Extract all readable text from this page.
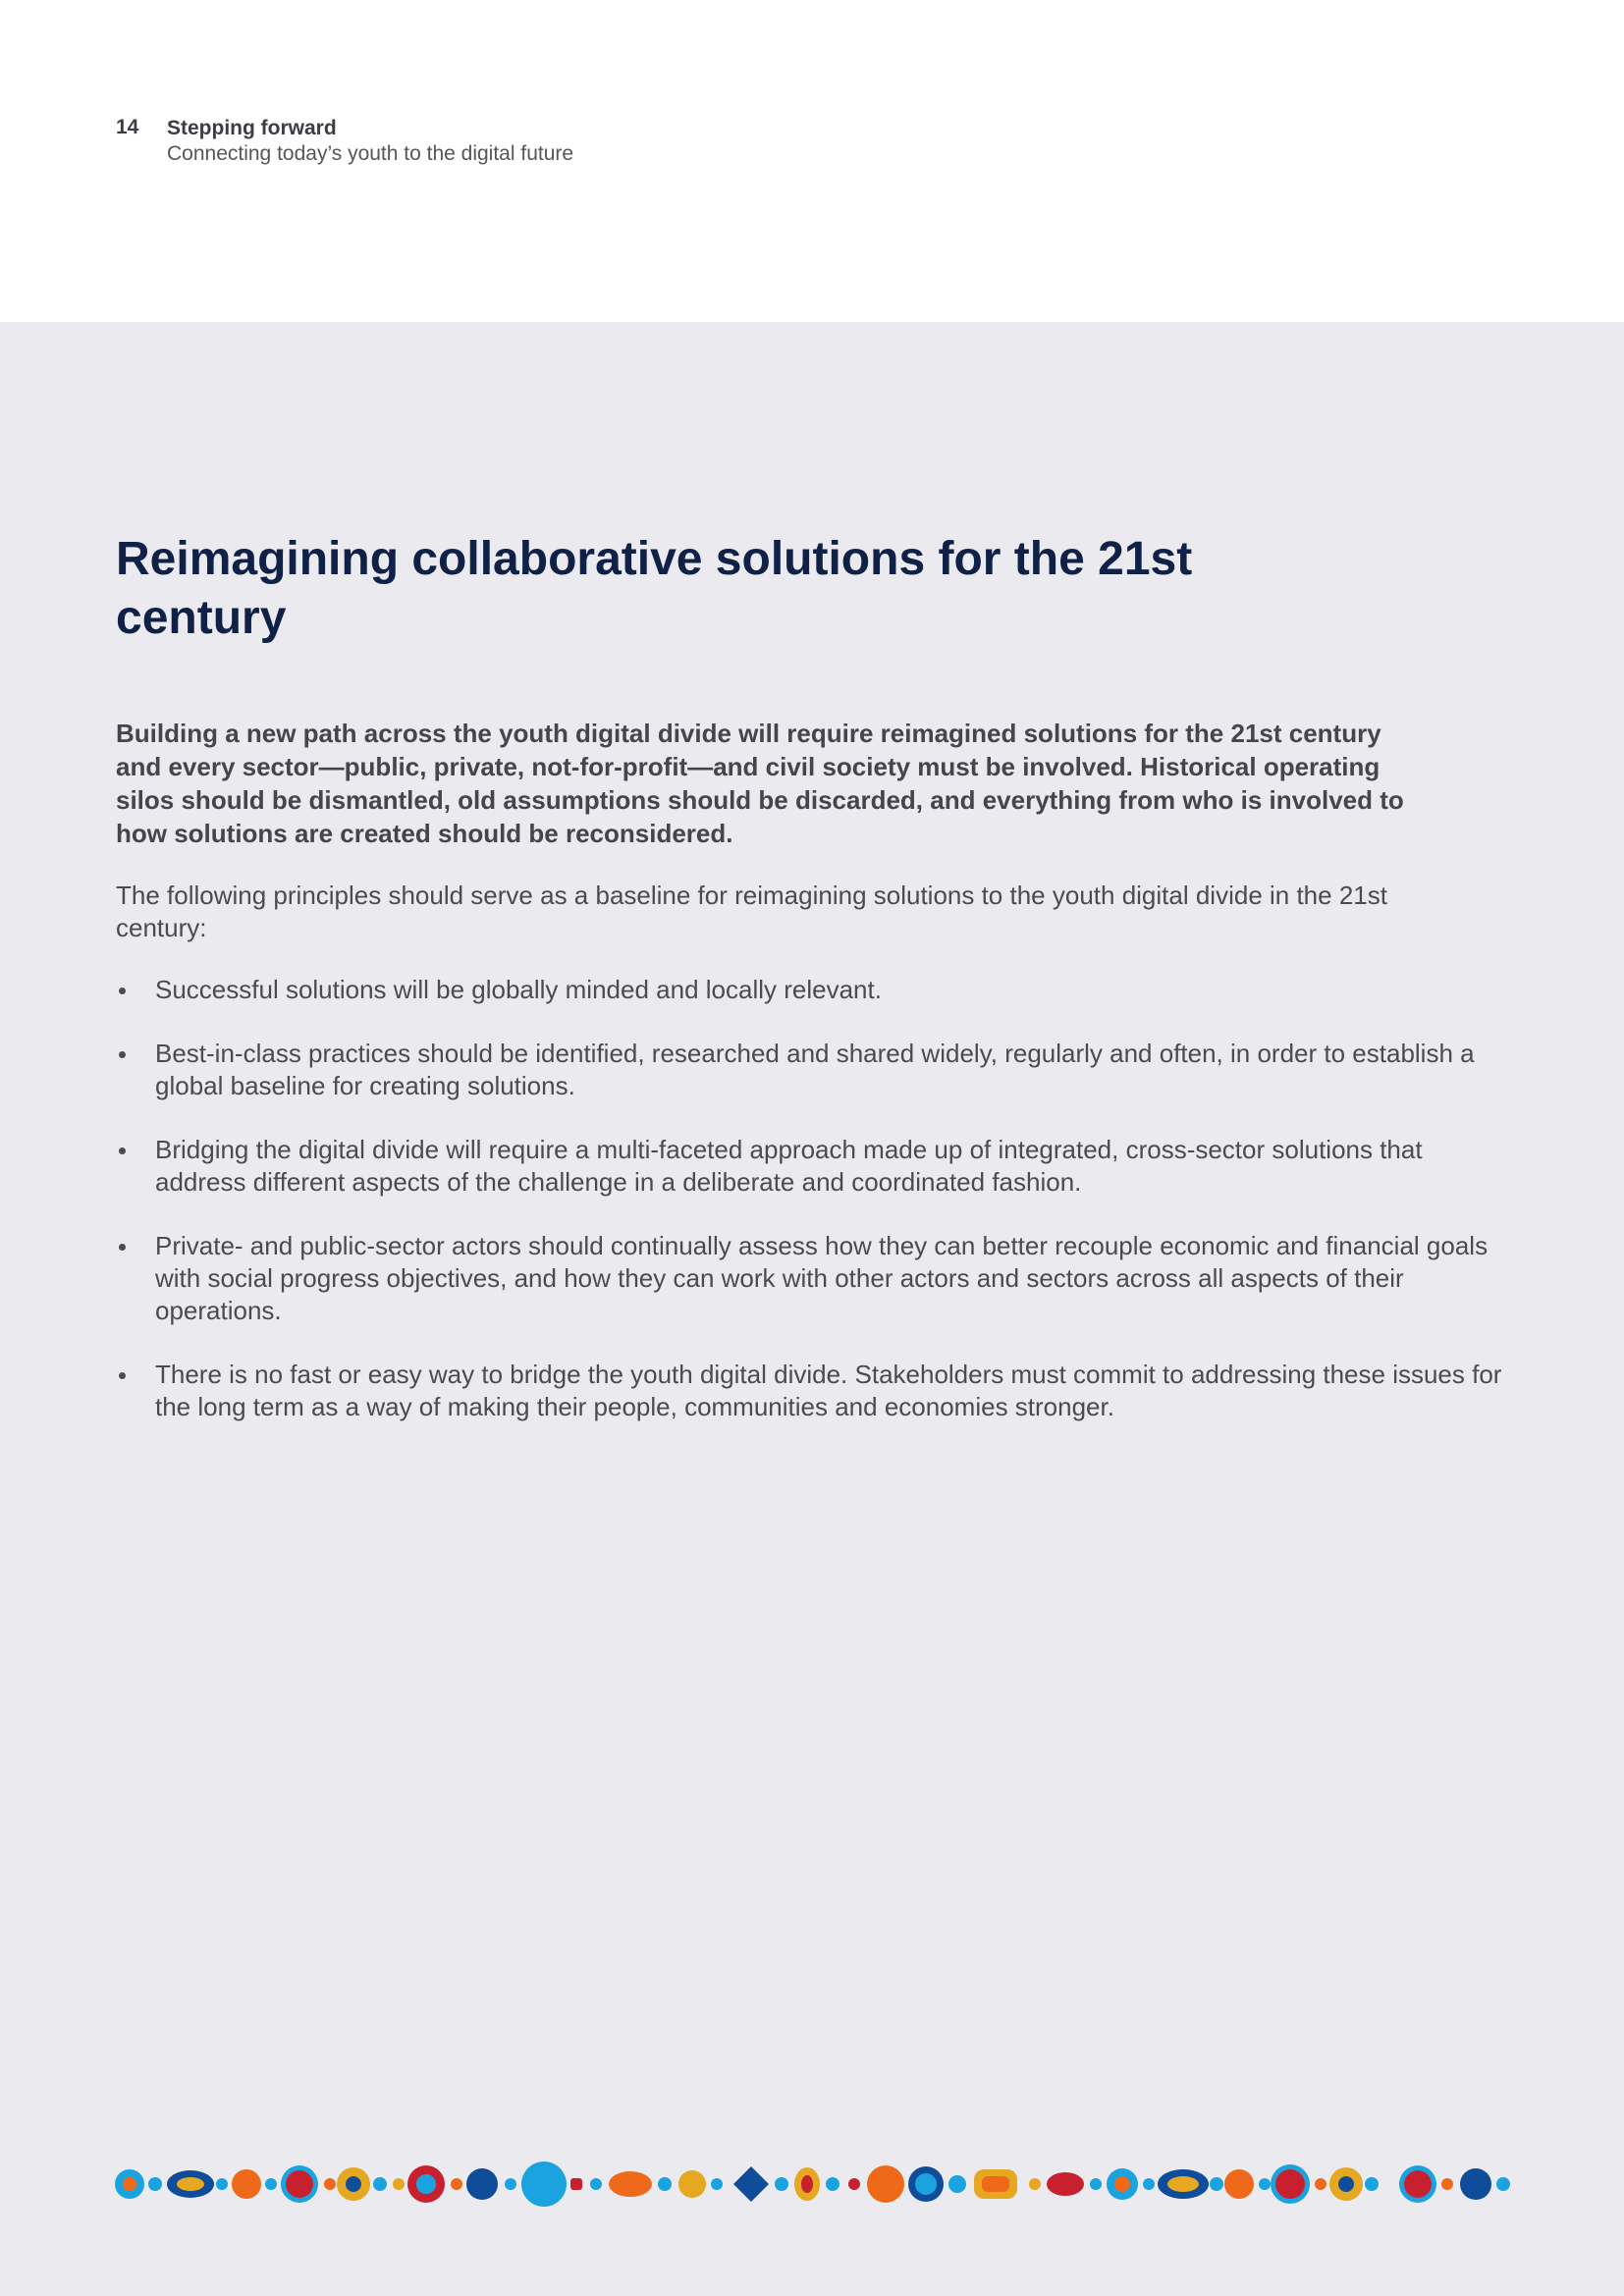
14 Stepping forward
Connecting today’s youth to the digital future
Reimagining collaborative solutions for the 21st century

Building a new path across the youth digital divide will require reimagined solutions for the 21st century and every sector—public, private, not-for-profit—and civil society must be involved. Historical operating silos should be dismantled, old assumptions should be discarded, and everything from who is involved to how solutions are created should be reconsidered.

The following principles should serve as a baseline for reimagining solutions to the youth digital divide in the 21st century:

Successful solutions will be globally minded and locally relevant.
Best-in-class practices should be identified, researched and shared widely, regularly and often, in order to establish a global baseline for creating solutions.
Bridging the digital divide will require a multi-faceted approach made up of integrated, cross-sector solutions that address different aspects of the challenge in a deliberate and coordinated fashion.
Private- and public-sector actors should continually assess how they can better recouple economic and financial goals with social progress objectives, and how they can work with other actors and sectors across all aspects of their operations.
There is no fast or easy way to bridge the youth digital divide. Stakeholders must commit to addressing these issues for the long term as a way of making their people, communities and economies stronger.
